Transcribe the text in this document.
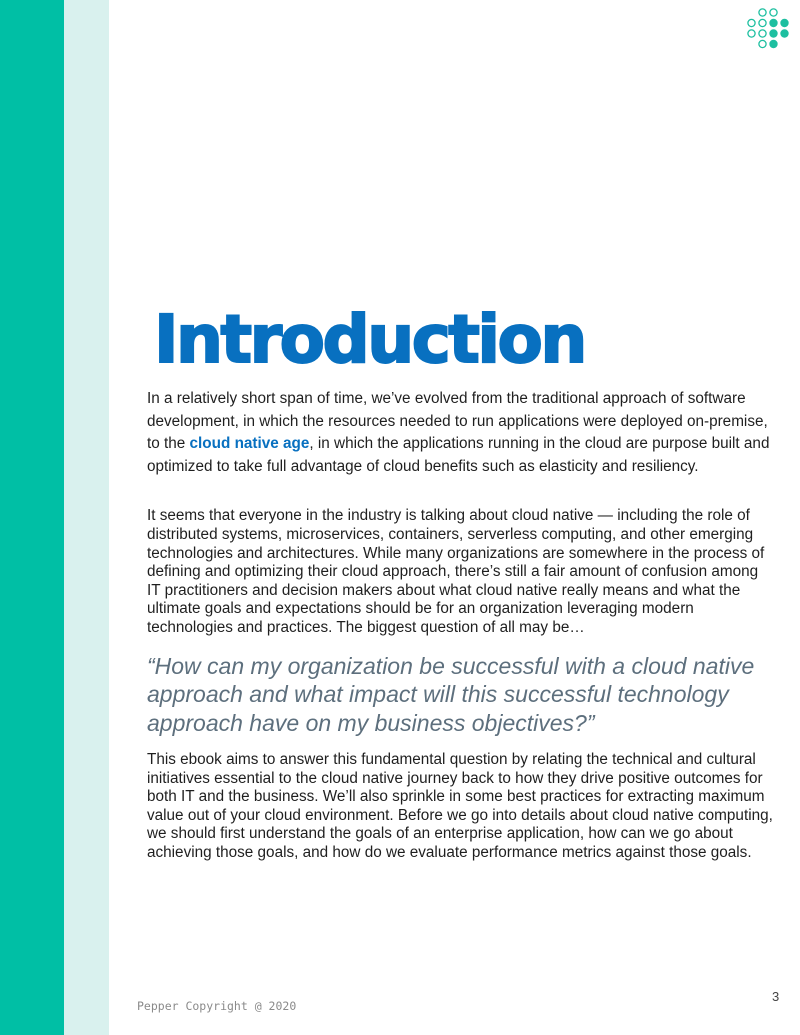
Introduction

In a relatively short span of time, we’ve evolved from the traditional approach of software development, in which the resources needed to run applications were deployed on-premise, to the cloud native age, in which the applications running in the cloud are purpose built and optimized to take full advantage of cloud benefits such as elasticity and resiliency.

It seems that everyone in the industry is talking about cloud native — including the role of distributed systems, microservices, containers, serverless computing, and other emerging technologies and architectures. While many organizations are somewhere in the process of defining and optimizing their cloud approach, there’s still a fair amount of confusion among IT practitioners and decision makers about what cloud native really means and what the ultimate goals and expectations should be for an organization leveraging modern technologies and practices. The biggest question of all may be…

“How can my organization be successful with a cloud native approach and what impact will this successful technology approach have on my business objectives?”

This ebook aims to answer this fundamental question by relating the technical and cultural initiatives essential to the cloud native journey back to how they drive positive outcomes for both IT and the business. We’ll also sprinkle in some best practices for extracting maximum value out of your cloud environment. Before we go into details about cloud native computing, we should first understand the goals of an enterprise application, how can we go about achieving those goals, and how do we evaluate performance metrics against those goals.

Pepper Copyright @ 2020

3
